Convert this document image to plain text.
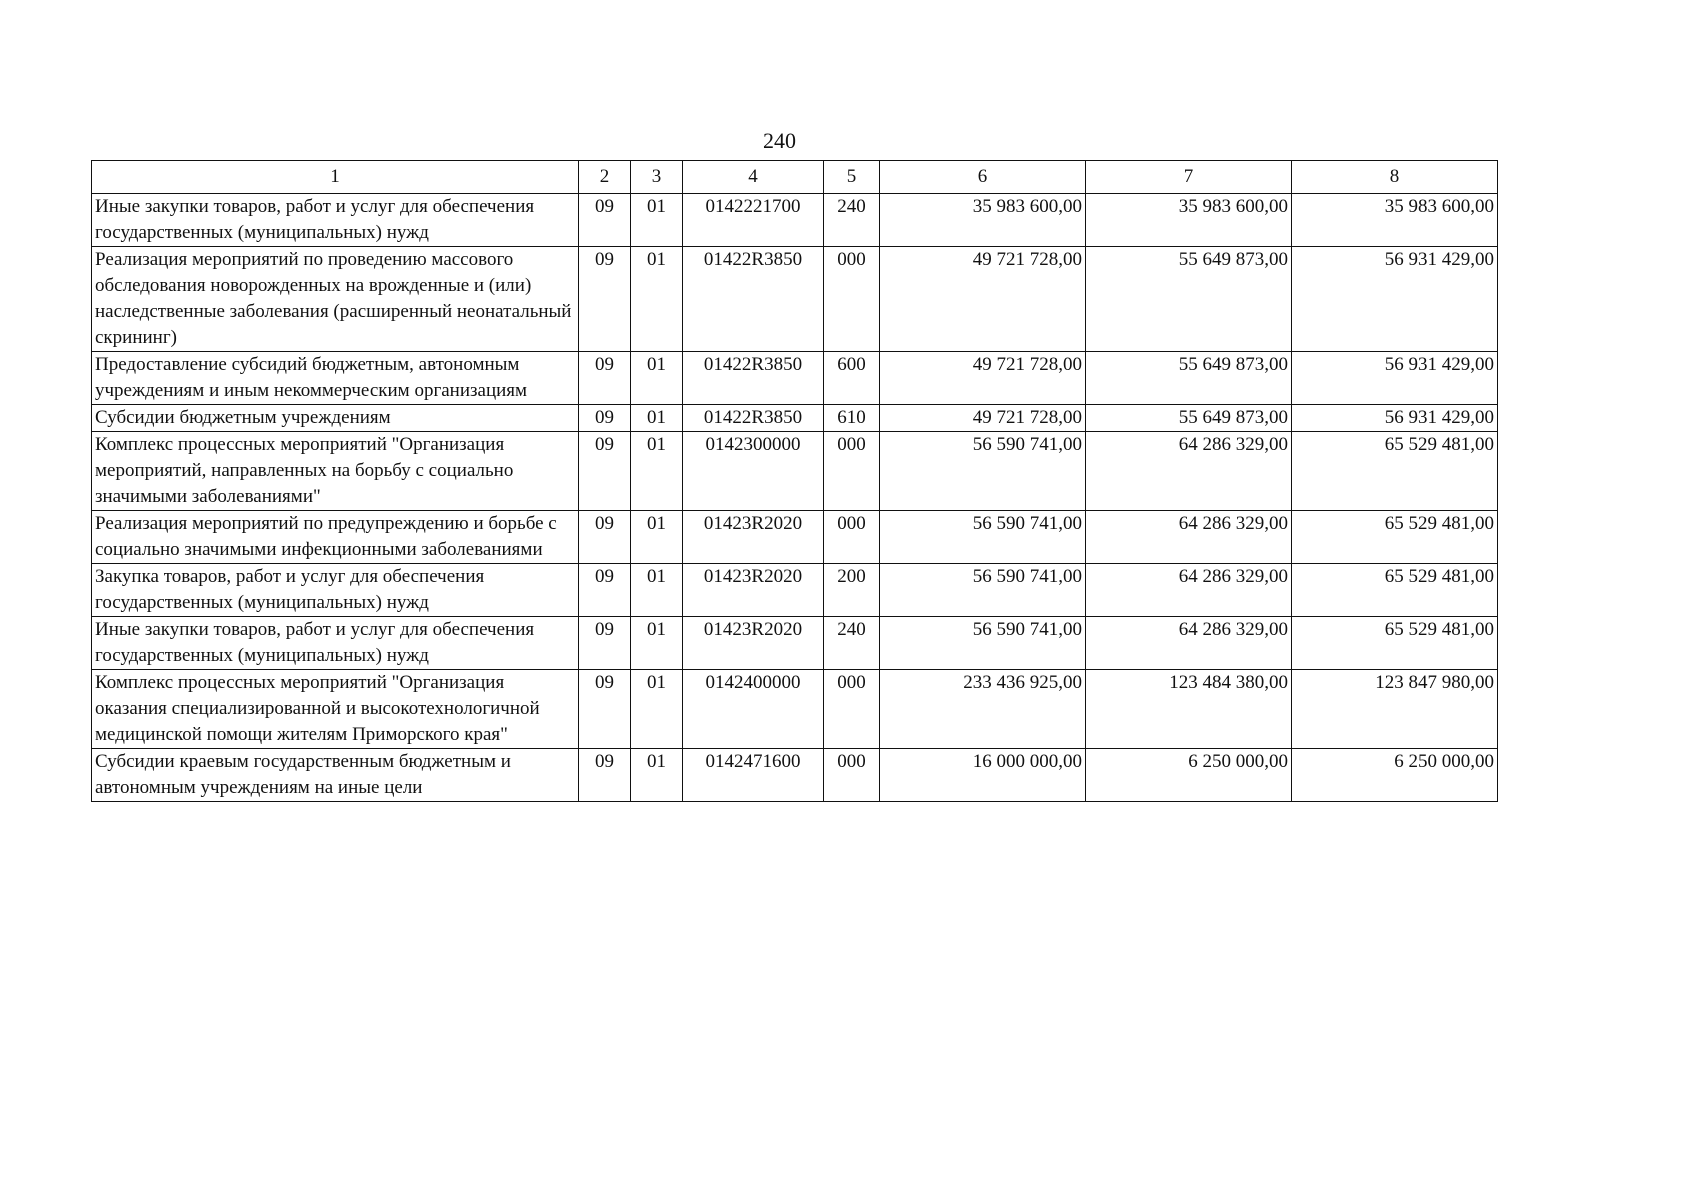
240
1	2	3	4	5	6	7	8
Иные закупки товаров, работ и услуг для обеспечения государственных (муниципальных) нужд	09	01	0142221700	240	35 983 600,00	35 983 600,00	35 983 600,00
Реализация мероприятий по проведению массового обследования новорожденных на врожденные и (или) наследственные заболевания (расширенный неонатальный скрининг)	09	01	01422R3850	000	49 721 728,00	55 649 873,00	56 931 429,00
Предоставление субсидий бюджетным, автономным учреждениям и иным некоммерческим организациям	09	01	01422R3850	600	49 721 728,00	55 649 873,00	56 931 429,00
Субсидии бюджетным учреждениям	09	01	01422R3850	610	49 721 728,00	55 649 873,00	56 931 429,00
Комплекс процессных мероприятий "Организация мероприятий, направленных на борьбу с социально значимыми заболеваниями"	09	01	0142300000	000	56 590 741,00	64 286 329,00	65 529 481,00
Реализация мероприятий по предупреждению и борьбе с социально значимыми инфекционными заболеваниями	09	01	01423R2020	000	56 590 741,00	64 286 329,00	65 529 481,00
Закупка товаров, работ и услуг для обеспечения государственных (муниципальных) нужд	09	01	01423R2020	200	56 590 741,00	64 286 329,00	65 529 481,00
Иные закупки товаров, работ и услуг для обеспечения государственных (муниципальных) нужд	09	01	01423R2020	240	56 590 741,00	64 286 329,00	65 529 481,00
Комплекс процессных мероприятий "Организация оказания специализированной и высокотехнологичной медицинской помощи жителям Приморского края"	09	01	0142400000	000	233 436 925,00	123 484 380,00	123 847 980,00
Субсидии краевым государственным бюджетным и автономным учреждениям на иные цели	09	01	0142471600	000	16 000 000,00	6 250 000,00	6 250 000,00
